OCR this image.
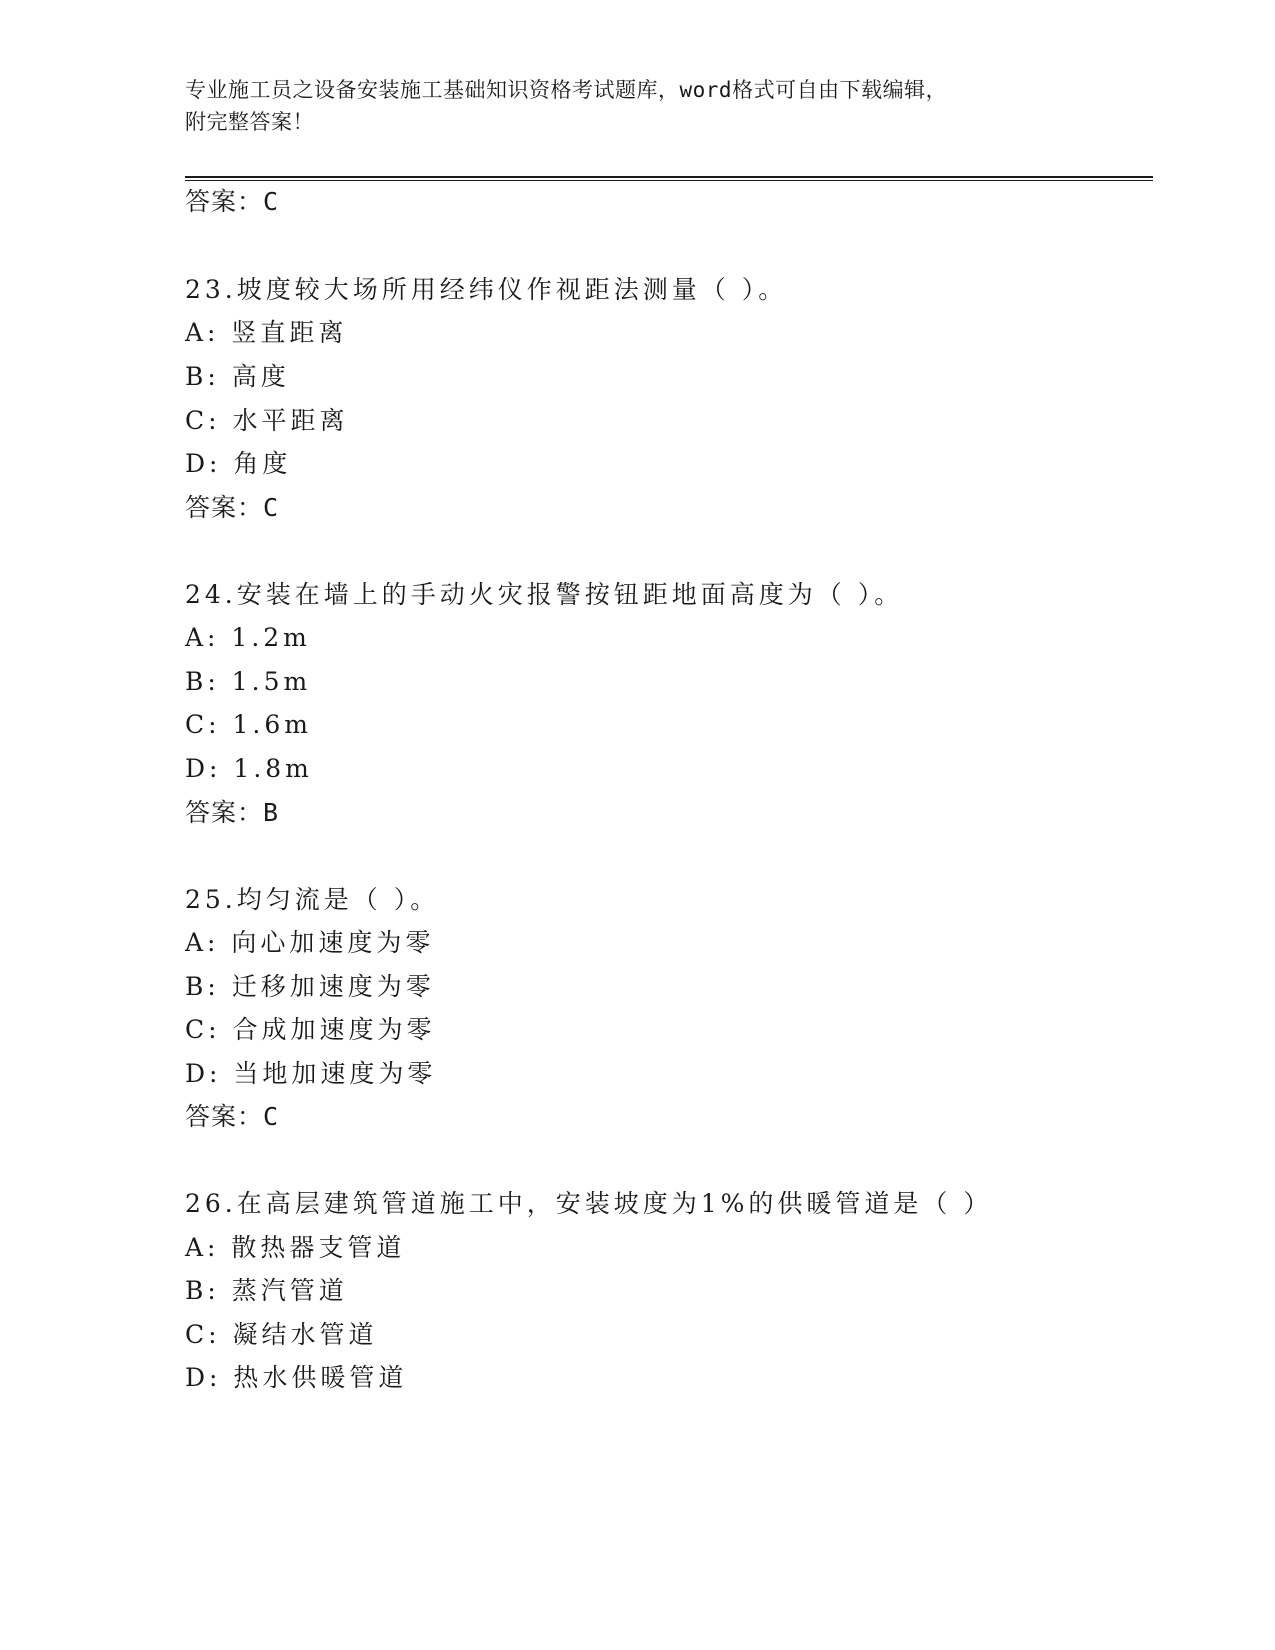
专业施工员之设备安装施工基础知识资格考试题库，word格式可自由下载编辑，
附完整答案！
答案：C
23.坡度较大场所用经纬仪作视距法测量（ ）。
A: 竖直距离
B: 高度
C: 水平距离
D: 角度
答案：C
24.安装在墙上的手动火灾报警按钮距地面高度为（ ）。
A: 1.2m
B: 1.5m
C: 1.6m
D: 1.8m
答案：B
25.均匀流是（ ）。
A: 向心加速度为零
B: 迁移加速度为零
C: 合成加速度为零
D: 当地加速度为零
答案：C
26.在高层建筑管道施工中，安装坡度为1%的供暖管道是（ ）
A: 散热器支管道
B: 蒸汽管道
C: 凝结水管道
D: 热水供暖管道
